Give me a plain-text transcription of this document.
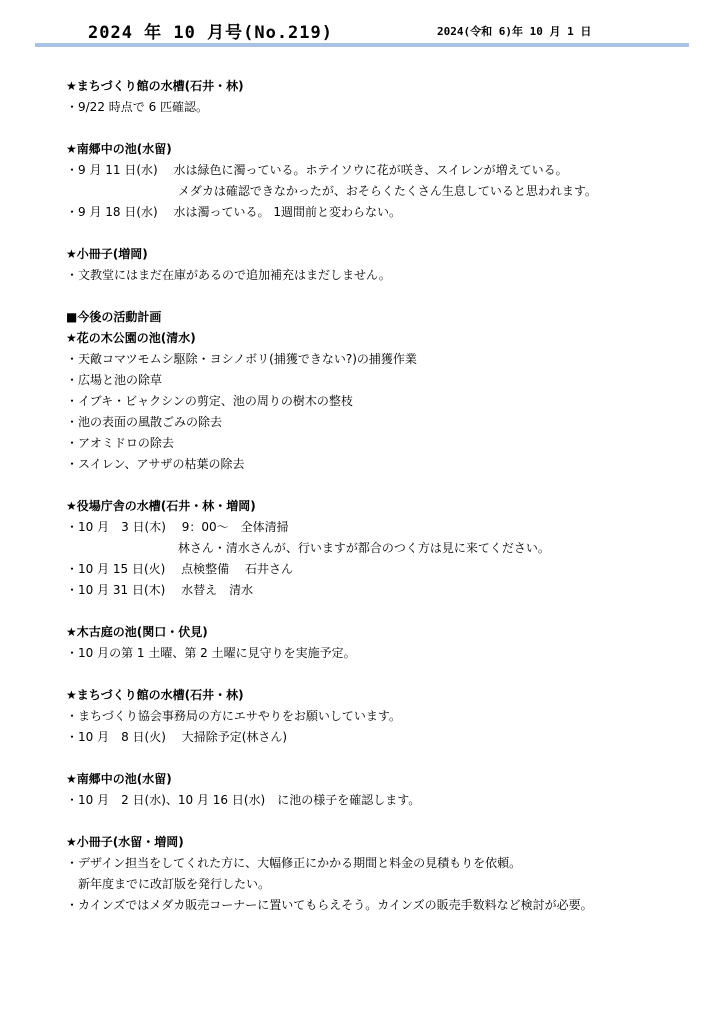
2024 年 10 月号(No.219)	2024(令和 6)年 10 月 1 日
★まちづくり館の水槽(石井・林)
・9/22 時点で 6 匹確認。
★南郷中の池(水留)
・9 月 11 日(水)　 水は緑色に濁っている。ホテイソウに花が咲き、スイレンが増えている。
　　　　　　　　　 メダカは確認できなかったが、おそらくたくさん生息していると思われます。
・9 月 18 日(水)　 水は濁っている。 1週間前と変わらない。
★小冊子(増岡)
・文教堂にはまだ在庫があるので追加補充はまだしません。
■今後の活動計画
★花の木公園の池(清水)
・天敵コマツモムシ駆除・ヨシノボリ(捕獲できない?)の捕獲作業
・広場と池の除草
・イブキ・ビャクシンの剪定、池の周りの樹木の整枝
・池の表面の風散ごみの除去
・アオミドロの除去
・スイレン、アサザの枯葉の除去
★役場庁舎の水槽(石井・林・増岡)
・10 月　3 日(木)　 9：00～　全体清掃
　　　　　　　　　 林さん・清水さんが、行いますが都合のつく方は見に来てください。
・10 月 15 日(火)　 点検整備　 石井さん
・10 月 31 日(木)　 水替え　清水
★木古庭の池(関口・伏見)
・10 月の第 1 土曜、第 2 土曜に見守りを実施予定。
★まちづくり館の水槽(石井・林)
・まちづくり協会事務局の方にエサやりをお願いしています。
・10 月　8 日(火)　 大掃除予定(林さん)
★南郷中の池(水留)
・10 月　2 日(水)、10 月 16 日(水)　に池の様子を確認します。
★小冊子(水留・増岡)
・デザイン担当をしてくれた方に、大幅修正にかかる期間と料金の見積もりを依頼。
　新年度までに改訂版を発行したい。
・カインズではメダカ販売コーナーに置いてもらえそう。カインズの販売手数料など検討が必要。
